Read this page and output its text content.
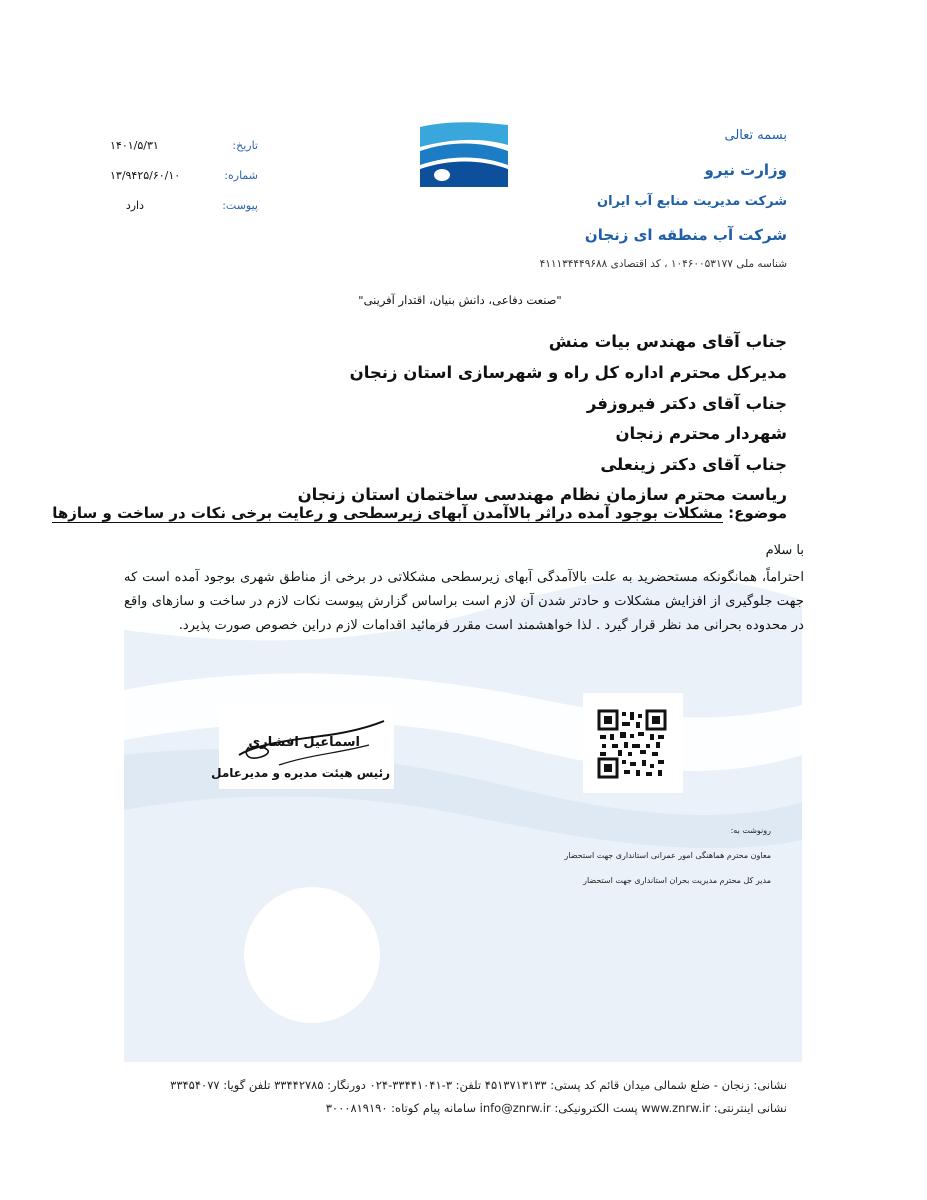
بسمه تعالی
وزارت نیرو
شرکت مدیریت منابع آب ایران
شرکت آب منطقه ای زنجان
شناسه ملی ۱۰۴۶۰۰۵۳۱۷۷ ، کد اقتصادی ۴۱۱۱۳۴۴۴۹۶۸۸
تاریخ:
۱۴۰۱/۵/۳۱
شماره:
۱۳/۹۴۲۵/۶۰/۱۰
پیوست:
دارد
"صنعت دفاعی، دانش بنیان، اقتدار آفرینی"
جناب آقای مهندس بیات منش
مدیرکل محترم اداره کل راه و شهرسازی استان زنجان
جناب آقای دکتر فیروزفر
شهردار محترم زنجان
جناب آقای دکتر زینعلی
ریاست محترم سازمان نظام مهندسی ساختمان استان زنجان
موضوع: مشکلات بوجود آمده دراثر بالاآمدن آبهای زیرسطحی و رعایت برخی نکات در ساخت و سازها
با سلام
احتراماً، همانگونکه مستحضرید به علت بالاآمدگی آبهای زیرسطحی مشکلاتی در برخی از مناطق شهری بوجود آمده است که جهت جلوگیری از افزایش مشکلات و حادتر شدن آن لازم است براساس گزارش پیوست نکات لازم در ساخت و سازهای واقع در محدوده بحرانی مد نظر قرار گیرد . لذا خواهشمند است مقرر فرمائید اقدامات لازم دراین خصوص صورت پذیرد.
اسماعیل افشاری
رئیس هیئت مدیره و مدیرعامل
رونوشت به:
معاون محترم هماهنگی امور عمرانی استانداری جهت استحضار
مدیر کل محترم مدیریت بحران استانداری جهت استحضار
نشانی: زنجان - ضلع شمالی میدان قائم کد پستی: ۴۵۱۳۷۱۳۱۳۳ تلفن: ۳-۳۳۴۴۱۰۴۱-۰۲۴ دورنگار: ۳۳۴۴۲۷۸۵ تلفن گویا: ۳۳۴۵۴۰۷۷
نشانی اینترنتی: www.znrw.ir پست الکترونیکی: info@znrw.ir سامانه پیام کوتاه: ۳۰۰۰۸۱۹۱۹۰
